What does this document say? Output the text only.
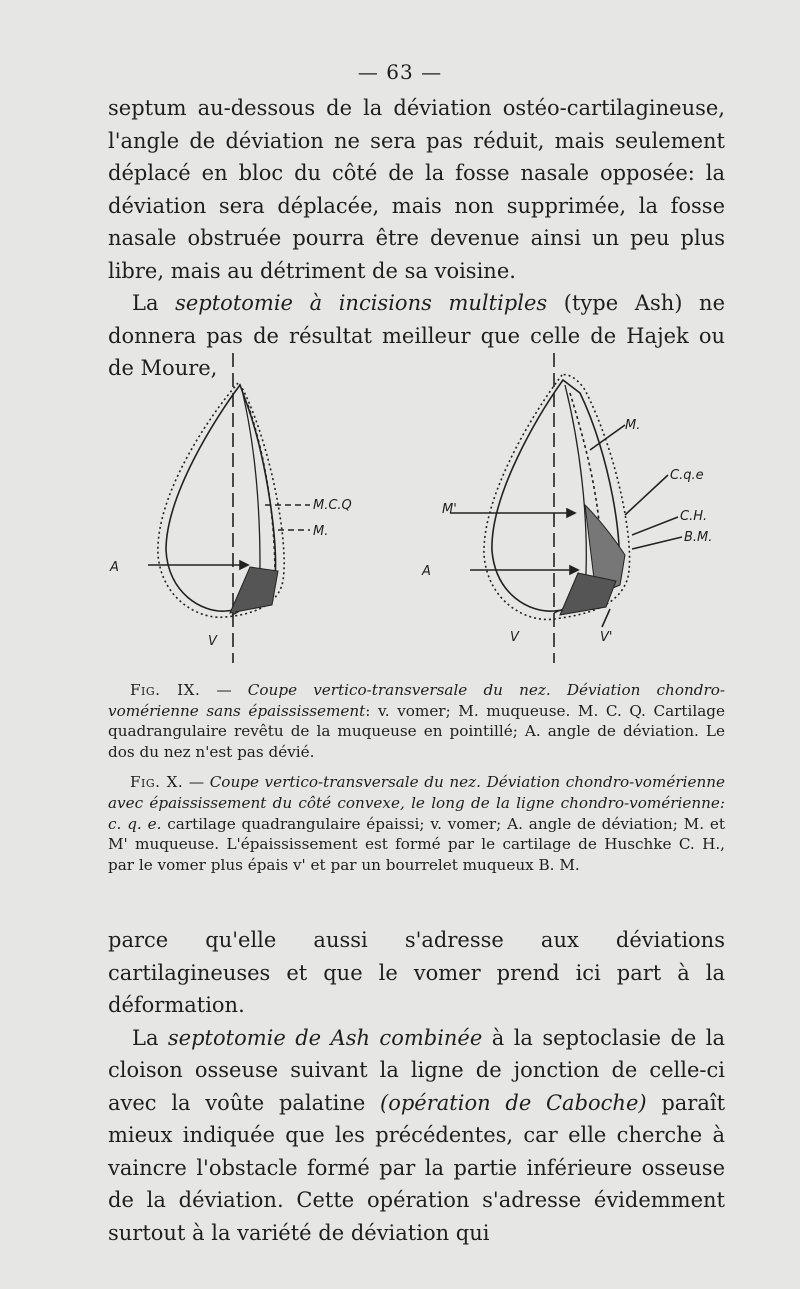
— 63 —

septum au-dessous de la déviation ostéo-cartilagineuse, l'angle de déviation ne sera pas réduit, mais seulement déplacé en bloc du côté de la fosse nasale opposée: la déviation sera déplacée, mais non supprimée, la fosse nasale obstruée pourra être devenue ainsi un peu plus libre, mais au détriment de sa voisine.

La septotomie à incisions multiples (type Ash) ne donnera pas de résultat meilleur que celle de Hajek ou de Moure,

M.C.Q
M.
A
V
M.
C.q.e
C.H.
B.M.
M'
A
V	V'

Fig. IX. — Coupe vertico-transversale du nez. Déviation chondro-vomérienne sans épaississement: v. vomer; M. muqueuse. M. C. Q. Cartilage quadrangulaire revêtu de la muqueuse en pointillé; A. angle de déviation. Le dos du nez n'est pas dévié.

Fig. X. — Coupe vertico-transversale du nez. Déviation chondro-vomérienne avec épaississement du côté convexe, le long de la ligne chondro-vomérienne: c. q. e. cartilage quadrangulaire épaissi; v. vomer; A. angle de déviation; M. et M' muqueuse. L'épaississement est formé par le cartilage de Huschke C. H., par le vomer plus épais v' et par un bourrelet muqueux B. M.

parce qu'elle aussi s'adresse aux déviations cartilagineuses et que le vomer prend ici part à la déformation.

La septotomie de Ash combinée à la septoclasie de la cloison osseuse suivant la ligne de jonction de celle-ci avec la voûte palatine (opération de Caboche) paraît mieux indiquée que les précédentes, car elle cherche à vaincre l'obstacle formé par la partie inférieure osseuse de la déviation. Cette opération s'adresse évidemment surtout à la variété de déviation qui
